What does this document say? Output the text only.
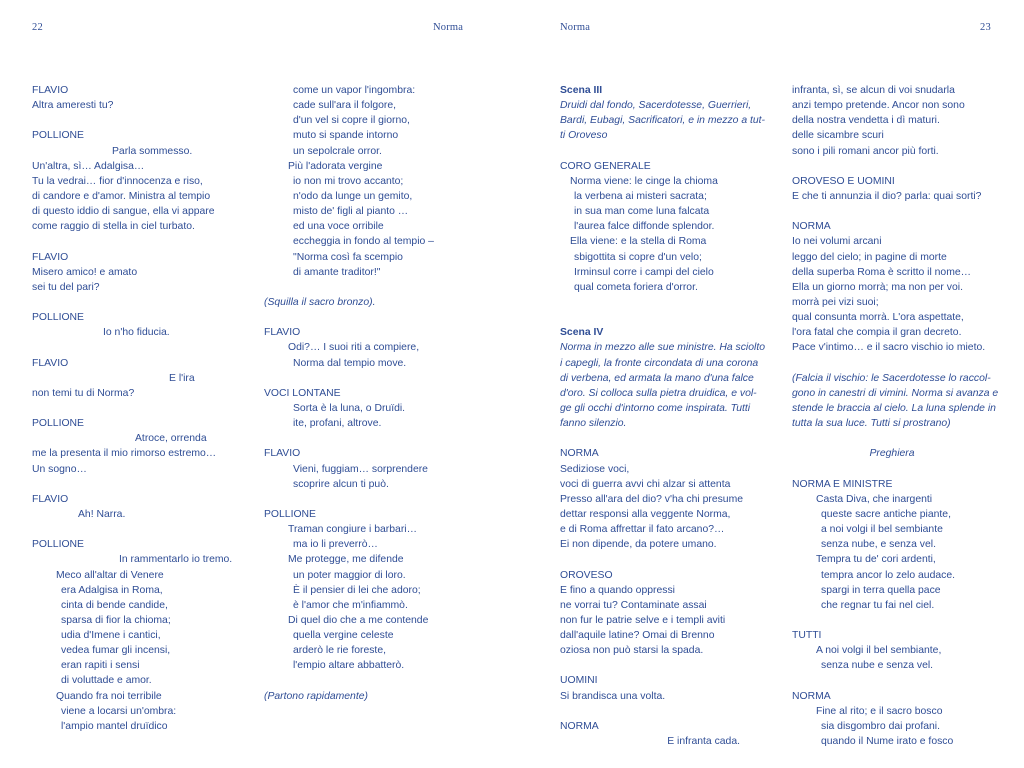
22	Norma	Norma	23
FLAVIO
Altra ameresti tu?
POLLIONE
Parla sommesso.
Un'altra, sì… Adalgisa…
Tu la vedrai… fior d'innocenza e riso,
di candore e d'amor. Ministra al tempio
di questo iddio di sangue, ella vi appare
come raggio di stella in ciel turbato.
FLAVIO
Misero amico! e amato
sei tu del pari?
POLLIONE
Io n'ho fiducia.
FLAVIO
E l'ira
non temi tu di Norma?
POLLIONE
Atroce, orrenda
me la presenta il mio rimorso estremo…
Un sogno…
FLAVIO
Ah! Narra.
POLLIONE
In rammentarlo io tremo.
Meco all'altar di Venere
era Adalgisa in Roma,
cinta di bende candide,
sparsa di fior la chioma;
udia d'Imene i cantici,
vedea fumar gli incensi,
eran rapiti i sensi
di voluttade e amor.
Quando fra noi terribile
viene a locarsi un'ombra:
l'ampio mantel druïdico
come un vapor l'ingombra:
cade sull'ara il folgore,
d'un vel si copre il giorno,
muto si spande intorno
un sepolcrale orror.
Più l'adorata vergine
io non mi trovo accanto;
n'odo da lunge un gemito,
misto de' figli al pianto …
ed una voce orribile
eccheggia in fondo al tempio –
"Norma così fa scempio
di amante traditor!"
(Squilla il sacro bronzo).
FLAVIO
Odi?… I suoi riti a compiere,
Norma dal tempio move.
VOCI LONTANE
Sorta è la luna, o Druïdi.
ite, profani, altrove.
FLAVIO
Vieni, fuggiam… sorprendere
scoprire alcun ti può.
POLLIONE
Traman congiure i barbari…
ma io li preverrò…
Me protegge, me difende
un poter maggior di loro.
È il pensier di lei che adoro;
è l'amor che m'infiammò.
Di quel dio che a me contende
quella vergine celeste
arderò le rie foreste,
l'empio altare abbatterò.
(Partono rapidamente)
Scena III
Druidi dal fondo, Sacerdotesse, Guerrieri,
Bardi, Eubagi, Sacrificatori, e in mezzo a tut-
ti Oroveso
CORO GENERALE
Norma viene: le cinge la chioma
la verbena ai misteri sacrata;
in sua man come luna falcata
l'aurea falce diffonde splendor.
Ella viene: e la stella di Roma
sbigottita si copre d'un velo;
Irminsul corre i campi del cielo
qual cometa foriera d'orror.
Scena IV
Norma in mezzo alle sue ministre. Ha sciolto
i capegli, la fronte circondata di una corona
di verbena, ed armata la mano d'una falce
d'oro. Si colloca sulla pietra druidica, e vol-
ge gli occhi d'intorno come inspirata. Tutti
fanno silenzio.
NORMA
Sediziose voci,
voci di guerra avvi chi alzar si attenta
Presso all'ara del dio? v'ha chi presume
dettar responsi alla veggente Norma,
e di Roma affrettar il fato arcano?…
Ei non dipende, da potere umano.
OROVESO
E fino a quando oppressi
ne vorrai tu? Contaminate assai
non fur le patrie selve e i templi aviti
dall'aquile latine? Omai di Brenno
oziosa non può starsi la spada.
UOMINI
Si brandisca una volta.
NORMA
E infranta cada.
infranta, sì, se alcun di voi snudarla
anzi tempo pretende. Ancor non sono
della nostra vendetta i dì maturi.
delle sicambre scuri
sono i pili romani ancor più forti.
OROVESO E UOMINI
E che ti annunzia il dio? parla: quai sorti?
NORMA
Io nei volumi arcani
leggo del cielo; in pagine di morte
della superba Roma è scritto il nome…
Ella un giorno morrà; ma non per voi.
morrà pei vizi suoi;
qual consunta morrà. L'ora aspettate,
l'ora fatal che compia il gran decreto.
Pace v'intimo… e il sacro vischio io mieto.
(Falcia il vischio: le Sacerdotesse lo raccol-
gono in canestri di vimini. Norma si avanza e
stende le braccia al cielo. La luna splende in
tutta la sua luce. Tutti si prostrano)
Preghiera
NORMA E MINISTRE
Casta Diva, che inargenti
queste sacre antiche piante,
a noi volgi il bel sembiante
senza nube, e senza vel.
Tempra tu de' cori ardenti,
tempra ancor lo zelo audace.
spargi in terra quella pace
che regnar tu fai nel ciel.
TUTTI
A noi volgi il bel sembiante,
senza nube e senza vel.
NORMA
Fine al rito; e il sacro bosco
sia disgombro dai profani.
quando il Nume irato e fosco
